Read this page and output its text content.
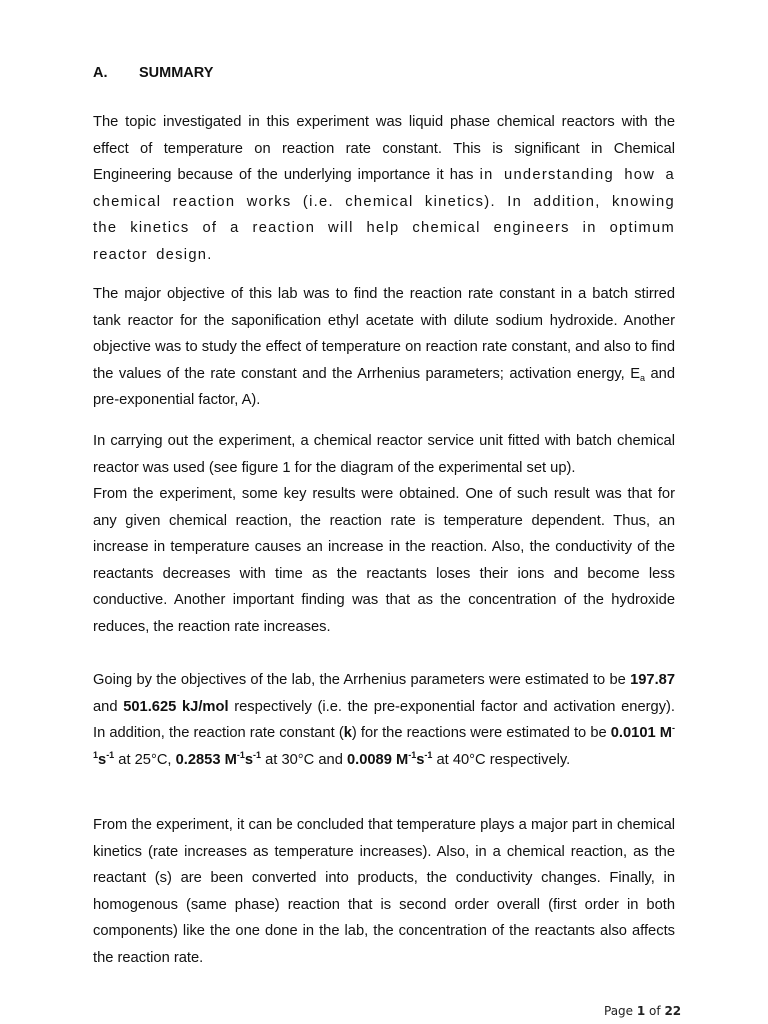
A. SUMMARY

The topic investigated in this experiment was liquid phase chemical reactors with the effect of temperature on reaction rate constant. This is significant in Chemical Engineering because of the underlying importance it has in understanding how a chemical reaction works (i.e. chemical kinetics). In addition, knowing the kinetics of a reaction will help chemical engineers in optimum reactor design.

The major objective of this lab was to find the reaction rate constant in a batch stirred tank reactor for the saponification ethyl acetate with dilute sodium hydroxide. Another objective was to study the effect of temperature on reaction rate constant, and also to find the values of the rate constant and the Arrhenius parameters; activation energy, $E_a$ and pre-exponential factor, A).

In carrying out the experiment, a chemical reactor service unit fitted with batch chemical reactor was used (see figure 1 for the diagram of the experimental set up).

From the experiment, some key results were obtained. One of such result was that for any given chemical reaction, the reaction rate is temperature dependent. Thus, an increase in temperature causes an increase in the reaction. Also, the conductivity of the reactants decreases with time as the reactants loses their ions and become less conductive. Another important finding was that as the concentration of the hydroxide reduces, the reaction rate increases.

Going by the objectives of the lab, the Arrhenius parameters were estimated to be 197.87 and 501.625 kJ/mol respectively (i.e. the pre-exponential factor and activation energy). In addition, the reaction rate constant (k) for the reactions were estimated to be 0.0101 $M^{-1}s^{-1}$ at 25°C, 0.2853 $M^{-1}s^{-1}$ at 30°C and 0.0089 $M^{-1}s^{-1}$ at 40°C respectively.

From the experiment, it can be concluded that temperature plays a major part in chemical kinetics (rate increases as temperature increases). Also, in a chemical reaction, as the reactant (s) are been converted into products, the conductivity changes. Finally, in homogenous (same phase) reaction that is second order overall (first order in both components) like the one done in the lab, the concentration of the reactants also affects the reaction rate.

Page 1 of 22
